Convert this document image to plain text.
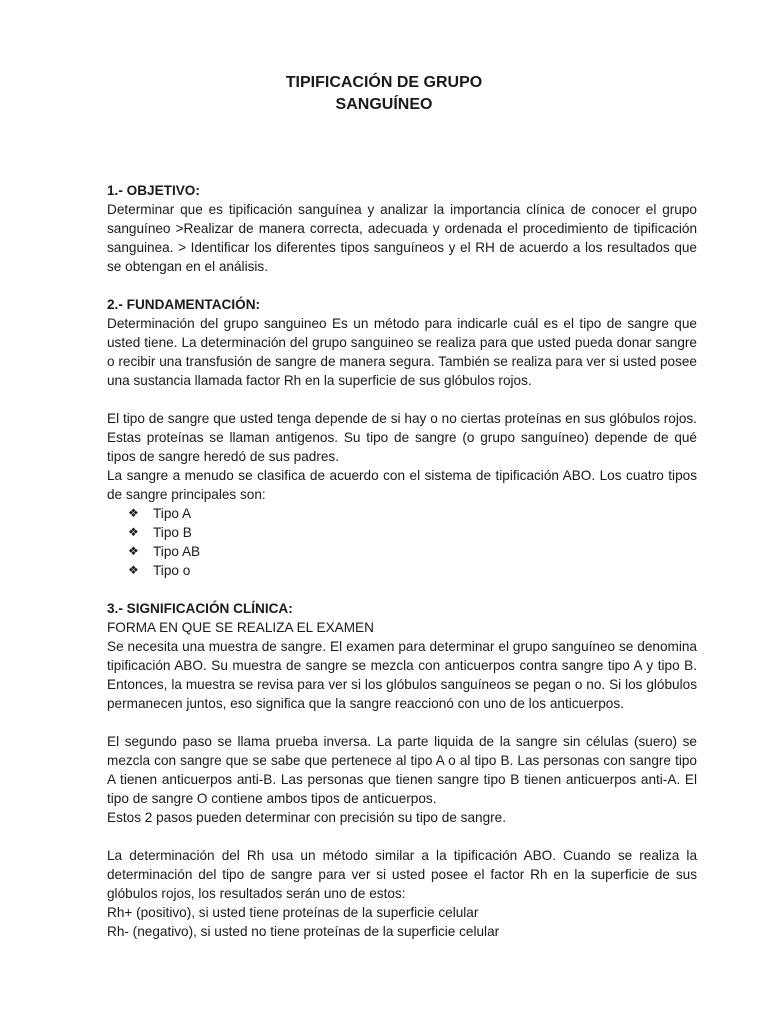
TIPIFICACIÓN DE GRUPO
SANGUÍNEO
1.- OBJETIVO:

Determinar que es tipificación sanguínea y analizar la importancia clínica de conocer el grupo sanguíneo >Realizar de manera correcta, adecuada y ordenada el procedimiento de tipificación sanguinea. > Identificar los diferentes tipos sanguíneos y el RH de acuerdo a los resultados que se obtengan en el análisis.

2.- FUNDAMENTACIÓN:

Determinación del grupo sanguineo Es un método para indicarle cuál es el tipo de sangre que usted tiene. La determinación del grupo sanguineo se realiza para que usted pueda donar sangre o recibir una transfusión de sangre de manera segura. También se realiza para ver si usted posee una sustancia llamada factor Rh en la superficie de sus glóbulos rojos.

El tipo de sangre que usted tenga depende de si hay o no ciertas proteínas en sus glóbulos rojos. Estas proteínas se llaman antigenos. Su tipo de sangre (o grupo sanguíneo) depende de qué tipos de sangre heredó de sus padres.

La sangre a menudo se clasifica de acuerdo con el sistema de tipificación ABO. Los cuatro tipos de sangre principales son:

❖	Tipo A
❖	Tipo B
❖	Tipo AB
❖	Tipo o
3.- SIGNIFICACIÓN CLÍNICA:

FORMA EN QUE SE REALIZA EL EXAMEN

Se necesita una muestra de sangre. El examen para determinar el grupo sanguíneo se denomina tipificación ABO. Su muestra de sangre se mezcla con anticuerpos contra sangre tipo A y tipo B. Entonces, la muestra se revisa para ver si los glóbulos sanguíneos se pegan o no. Si los glóbulos permanecen juntos, eso significa que la sangre reaccionó con uno de los anticuerpos.

El segundo paso se llama prueba inversa. La parte liquida de la sangre sin células (suero) se mezcla con sangre que se sabe que pertenece al tipo A o al tipo B. Las personas con sangre tipo A tienen anticuerpos anti-B. Las personas que tienen sangre tipo B tienen anticuerpos anti-A. El tipo de sangre O contiene ambos tipos de anticuerpos.

Estos 2 pasos pueden determinar con precisión su tipo de sangre.

La determinación del Rh usa un método similar a la tipificación ABO. Cuando se realiza la determinación del tipo de sangre para ver si usted posee el factor Rh en la superficie de sus glóbulos rojos, los resultados serán uno de estos:

Rh+ (positivo), si usted tiene proteínas de la superficie celular

Rh- (negativo), si usted no tiene proteínas de la superficie celular
